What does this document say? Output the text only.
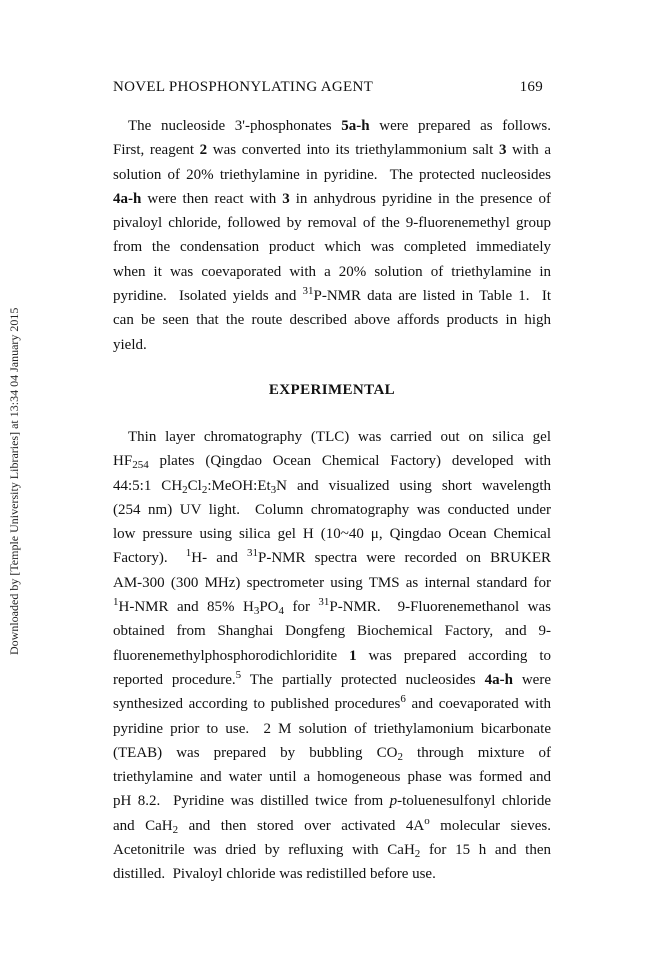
NOVEL PHOSPHONYLATING AGENT	169
Downloaded by [Temple University Libraries] at 13:34 04 January 2015
The nucleoside 3'-phosphonates 5a-h were prepared as follows.
First, reagent 2 was converted into its triethylammonium salt 3 with a
solution of 20% triethylamine in pyridine.  The protected nucleosides
4a-h were then react with 3 in anhydrous pyridine in the presence of
pivaloyl chloride, followed by removal of the 9-fluorenemethyl group
from the condensation product which was completed immediately
when it was coevaporated with a 20% solution of triethylamine in
pyridine.  Isolated yields and $^{31}$P-NMR data are listed in Table 1.  It
can be seen that the route described above affords products in high
yield.
EXPERIMENTAL
Thin layer chromatography (TLC) was carried out on silica gel
$HF_{254}$ plates (Qingdao Ocean Chemical Factory) developed with
44:5:1 $CH_2Cl_2:MeOH:Et_3N$ and visualized using short wavelength
(254 nm) UV light.  Column chromatography was conducted under
low pressure using silica gel H (10~40 μ, Qingdao Ocean Chemical
Factory).  $^1$H- and $^{31}$P-NMR spectra were recorded on BRUKER
AM-300 (300 MHz) spectrometer using TMS as internal standard for
$^1$H-NMR and 85% $H_3PO_4$ for $^{31}$P-NMR.  9-Fluorenemethanol was
obtained from Shanghai Dongfeng Biochemical Factory, and 9-
fluorenemethylphosphorodichloridite 1 was prepared according to
reported procedure.$^5$ The partially protected nucleosides 4a-h were
synthesized according to published procedures$^6$ and coevaporated with
pyridine prior to use.  2 M solution of triethylamonium bicarbonate
(TEAB) was prepared by bubbling $CO_2$ through mixture of
triethylamine and water until a homogeneous phase was formed and
pH 8.2.  Pyridine was distilled twice from p-toluenesulfonyl chloride
and CaH$_2$ and then stored over activated $4A^o$ molecular sieves.
Acetonitrile was dried by refluxing with CaH$_2$ for 15 h and then
distilled.  Pivaloyl chloride was redistilled before use.
